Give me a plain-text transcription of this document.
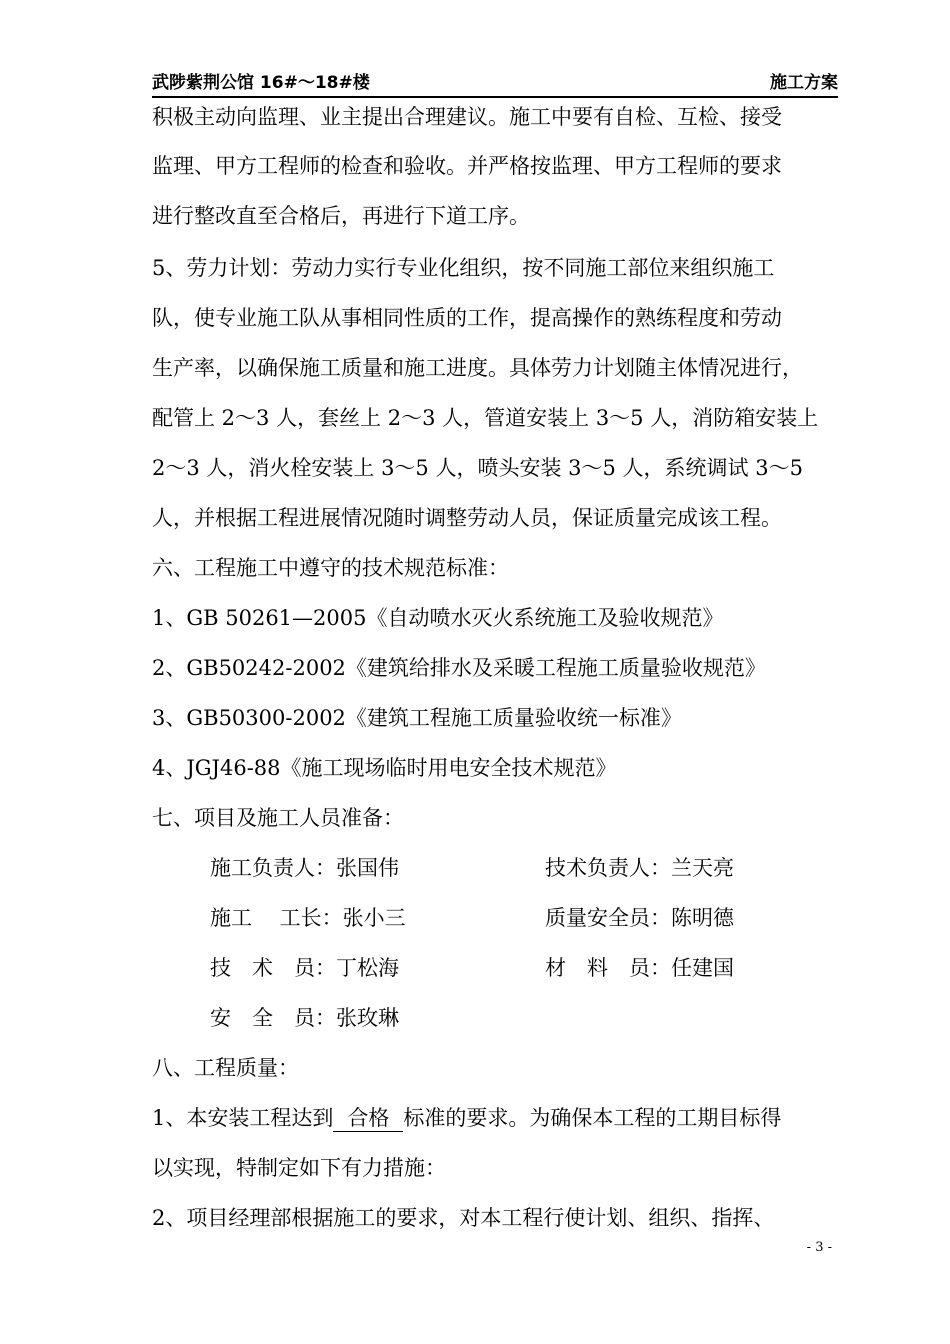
武陟紫荆公馆 16#～18#楼	施工方案
积极主动向监理、业主提出合理建议。施工中要有自检、互检、接受
监理、甲方工程师的检查和验收。并严格按监理、甲方工程师的要求
进行整改直至合格后，再进行下道工序。
5、劳力计划：劳动力实行专业化组织，按不同施工部位来组织施工
队，使专业施工队从事相同性质的工作，提高操作的熟练程度和劳动
生产率，以确保施工质量和施工进度。具体劳力计划随主体情况进行，
配管上 2～3 人，套丝上 2～3 人，管道安装上 3～5 人，消防箱安装上
2～3 人，消火栓安装上 3～5 人，喷头安装 3～5 人，系统调试 3～5
人，并根据工程进展情况随时调整劳动人员，保证质量完成该工程。
六、工程施工中遵守的技术规范标准：
1、GB 50261—2005《自动喷水灭火系统施工及验收规范》
2、GB50242-2002《建筑给排水及采暖工程施工质量验收规范》
3、GB50300-2002《建筑工程施工质量验收统一标准》
4、JGJ46-88《施工现场临时用电安全技术规范》
七、项目及施工人员准备：
施工负责人：张国伟	技术负责人：兰天亮
施工　 工长：张小三	质量安全员：陈明德
技　术　员：丁松海	材　料　员：任建国
安　全　员：张玫琳
八、工程质量：
1、本安装工程达到 合格 标准的要求。为确保本工程的工期目标得
以实现，特制定如下有力措施：
2、项目经理部根据施工的要求，对本工程行使计划、组织、指挥、
- 3 -
